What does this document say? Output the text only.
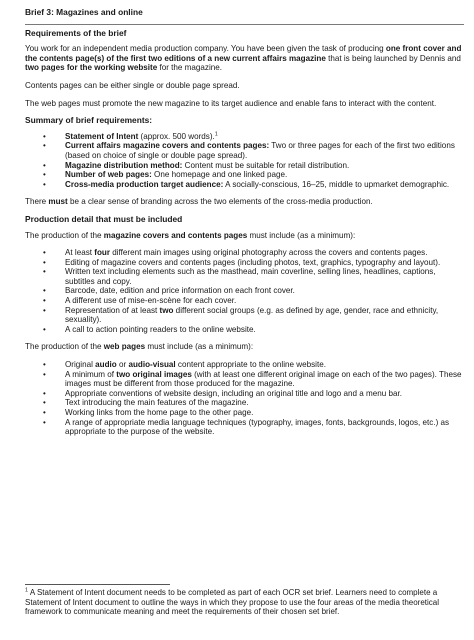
Brief 3: Magazines and online
Requirements of the brief

You work for an independent media production company. You have been given the task of producing one front cover and the contents page(s) of the first two editions of a new current affairs magazine that is being launched by Dennis and two pages for the working website for the magazine.

Contents pages can be either single or double page spread.

The web pages must promote the new magazine to its target audience and enable fans to interact with the content.

Summary of brief requirements:
• Statement of Intent (approx. 500 words).$^1$
• Current affairs magazine covers and contents pages: Two or three pages for each of the first two editions (based on choice of single or double page spread).
• Magazine distribution method: Content must be suitable for retail distribution.
• Number of web pages: One homepage and one linked page.
• Cross-media production target audience: A socially-conscious, 16–25, middle to upmarket demographic.

There must be a clear sense of branding across the two elements of the cross-media production.

Production detail that must be included

The production of the magazine covers and contents pages must include (as a minimum):

• At least four different main images using original photography across the covers and contents pages.
• Editing of magazine covers and contents pages (including photos, text, graphics, typography and layout).
• Written text including elements such as the masthead, main coverline, selling lines, headlines, captions, subtitles and copy.
• Barcode, date, edition and price information on each front cover.
• A different use of mise-en-scène for each cover.
• Representation of at least two different social groups (e.g. as defined by age, gender, race and ethnicity, sexuality).
• A call to action pointing readers to the online website.

The production of the web pages must include (as a minimum):

• Original audio or audio-visual content appropriate to the online website.
• A minimum of two original images (with at least one different original image on each of the two pages). These images must be different from those produced for the magazine.
• Appropriate conventions of website design, including an original title and logo and a menu bar.
• Text introducing the main features of the magazine.
• Working links from the home page to the other page.
• A range of appropriate media language techniques (typography, images, fonts, backgrounds, logos, etc.) as appropriate to the purpose of the website.
$^1$ A Statement of Intent document needs to be completed as part of each OCR set brief. Learners need to complete a Statement of Intent document to outline the ways in which they propose to use the four areas of the media theoretical framework to communicate meaning and meet the requirements of their chosen set brief.
